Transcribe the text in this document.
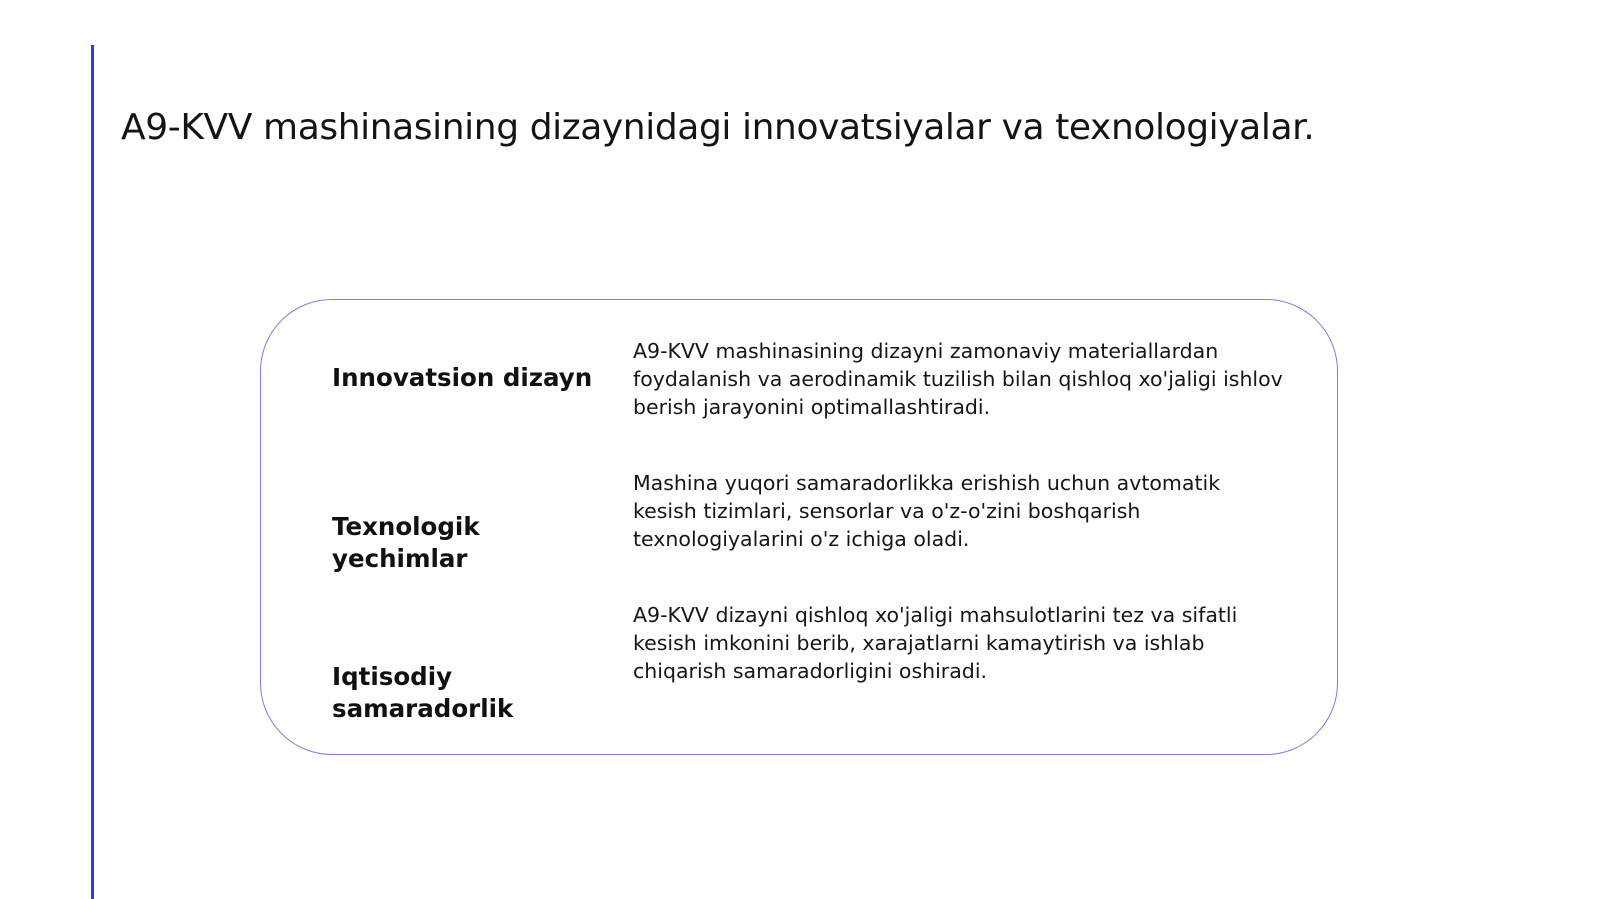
A9-KVV mashinasining dizaynidagi innovatsiyalar va texnologiyalar.

Innovatsion dizayn

A9-KVV mashinasining dizayni zamonaviy materiallardan foydalanish va aerodinamik tuzilish bilan qishloq xo'jaligi ishlov berish jarayonini optimallashtiradi.

Texnologik yechimlar

Mashina yuqori samaradorlikka erishish uchun avtomatik kesish tizimlari, sensorlar va o'z-o'zini boshqarish texnologiyalarini o'z ichiga oladi.

Iqtisodiy samaradorlik

A9-KVV dizayni qishloq xo'jaligi mahsulotlarini tez va sifatli kesish imkonini berib, xarajatlarni kamaytirish va ishlab chiqarish samaradorligini oshiradi.
